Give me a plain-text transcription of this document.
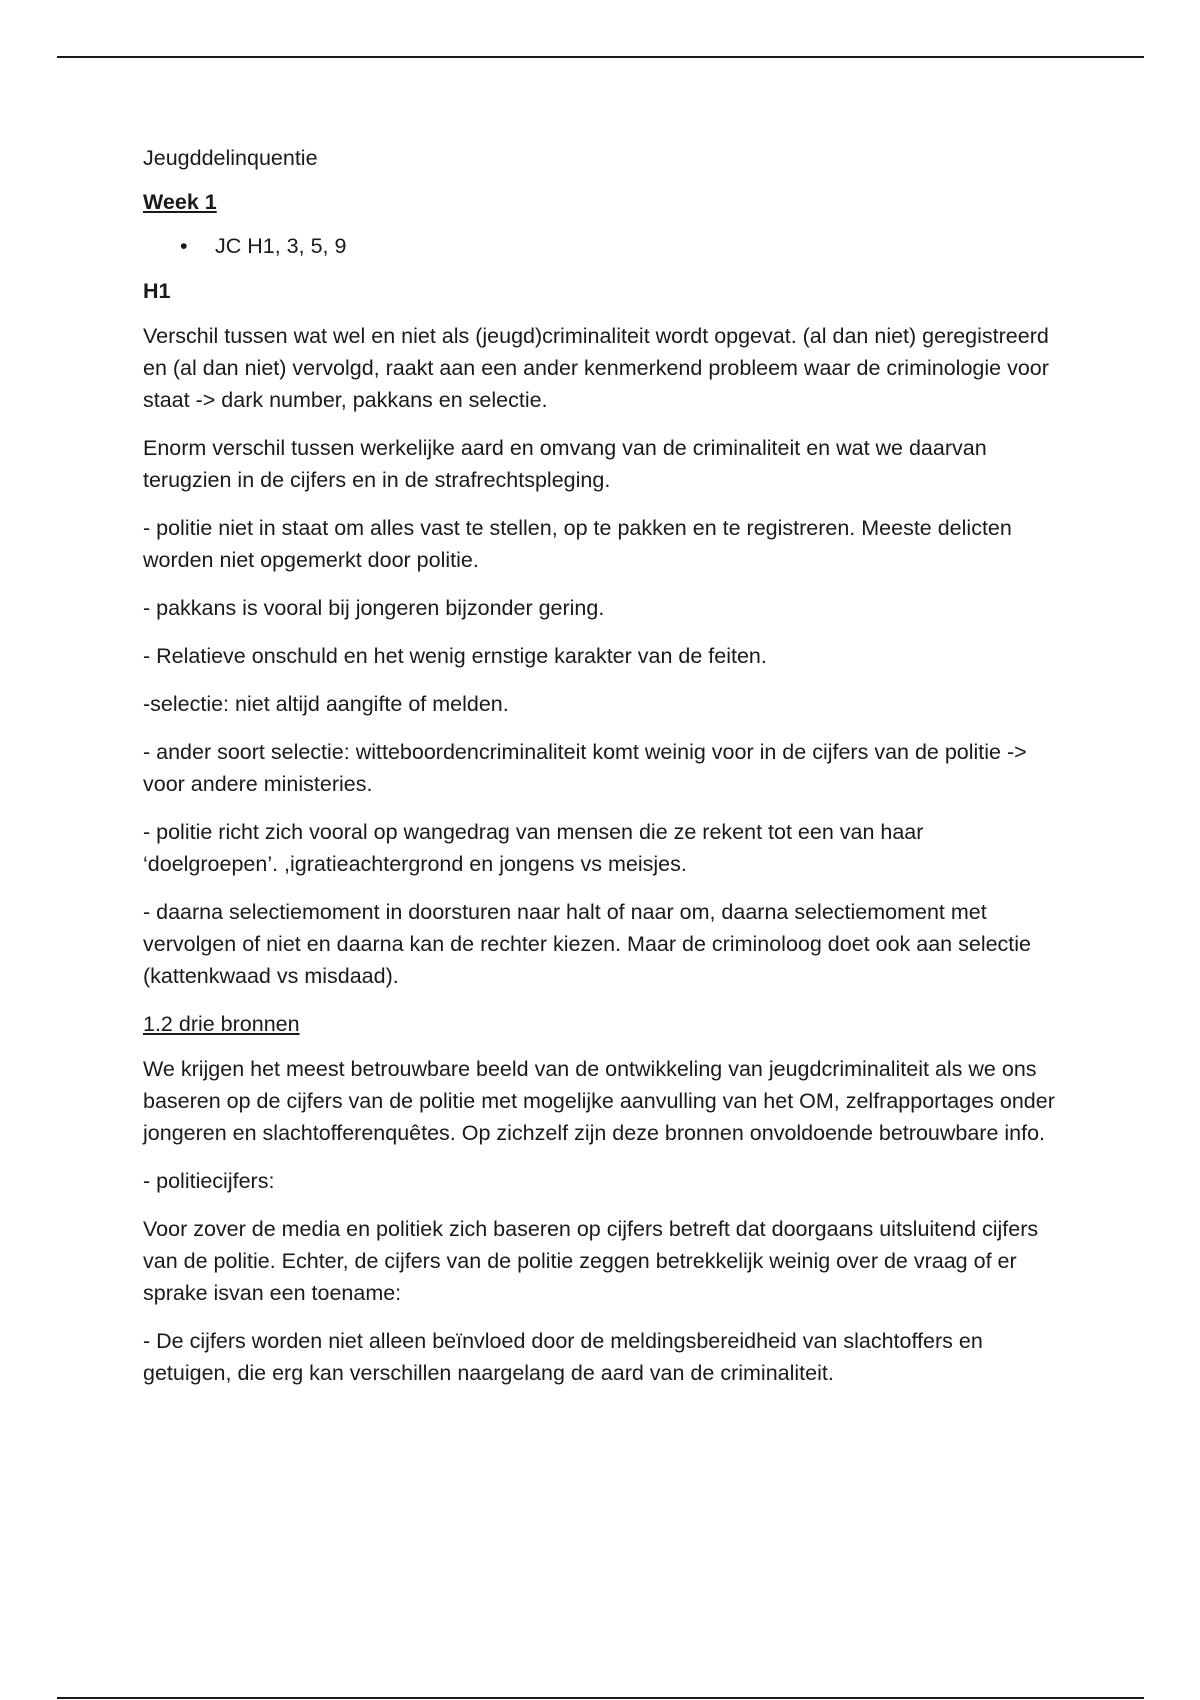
Jeugddelinquentie

Week 1

• JC H1, 3, 5, 9

H1

Verschil tussen wat wel en niet als (jeugd)criminaliteit wordt opgevat. (al dan niet) geregistreerd en (al dan niet) vervolgd, raakt aan een ander kenmerkend probleem waar de criminologie voor staat -> dark number, pakkans en selectie.

Enorm verschil tussen werkelijke aard en omvang van de criminaliteit en wat we daarvan terugzien in de cijfers en in de strafrechtspleging.

- politie niet in staat om alles vast te stellen, op te pakken en te registreren. Meeste delicten worden niet opgemerkt door politie.

- pakkans is vooral bij jongeren bijzonder gering.

- Relatieve onschuld en het wenig ernstige karakter van de feiten.

-selectie: niet altijd aangifte of melden.

- ander soort selectie: witteboordencriminaliteit komt weinig voor in de cijfers van de politie -> voor andere ministeries.

- politie richt zich vooral op wangedrag van mensen die ze rekent tot een van haar ‘doelgroepen’. ,igratieachtergrond en jongens vs meisjes.

- daarna selectiemoment in doorsturen naar halt of naar om, daarna selectiemoment met vervolgen of niet en daarna kan de rechter kiezen. Maar de criminoloog doet ook aan selectie (kattenkwaad vs misdaad).

1.2 drie bronnen

We krijgen het meest betrouwbare beeld van de ontwikkeling van jeugdcriminaliteit als we ons baseren op de cijfers van de politie met mogelijke aanvulling van het OM, zelfrapportages onder jongeren en slachtofferenquêtes. Op zichzelf zijn deze bronnen onvoldoende betrouwbare info.

- politiecijfers:

Voor zover de media en politiek zich baseren op cijfers betreft dat doorgaans uitsluitend cijfers van de politie. Echter, de cijfers van de politie zeggen betrekkelijk weinig over de vraag of er sprake isvan een toename:

- De cijfers worden niet alleen beïnvloed door de meldingsbereidheid van slachtoffers en getuigen, die erg kan verschillen naargelang de aard van de criminaliteit.
